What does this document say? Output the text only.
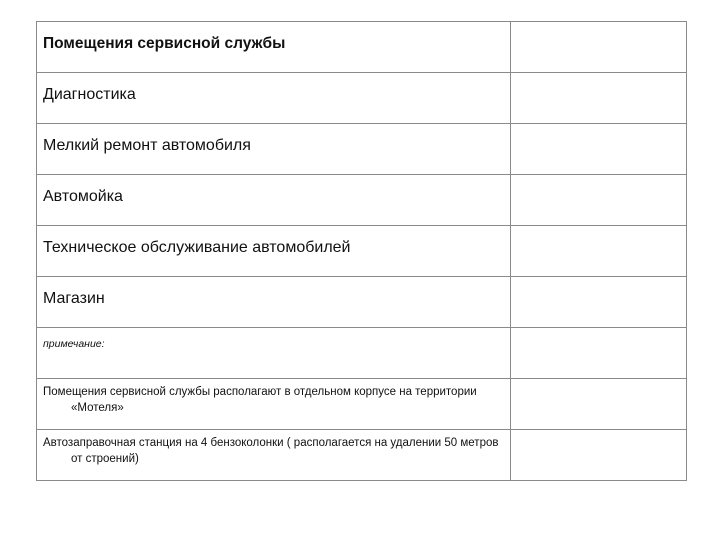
Помещения сервисной службы	

Диагностика	

Мелкий ремонт автомобиля	

Автомойка	

Техническое обслуживание автомобилей	

Магазин	

примечание:	

Помещения сервисной службы располагают в отдельном корпусе на территории «Мотеля»	

Автозаправочная станция на 4 бензоколонки ( располагается на удалении 50 метров от строений)	
